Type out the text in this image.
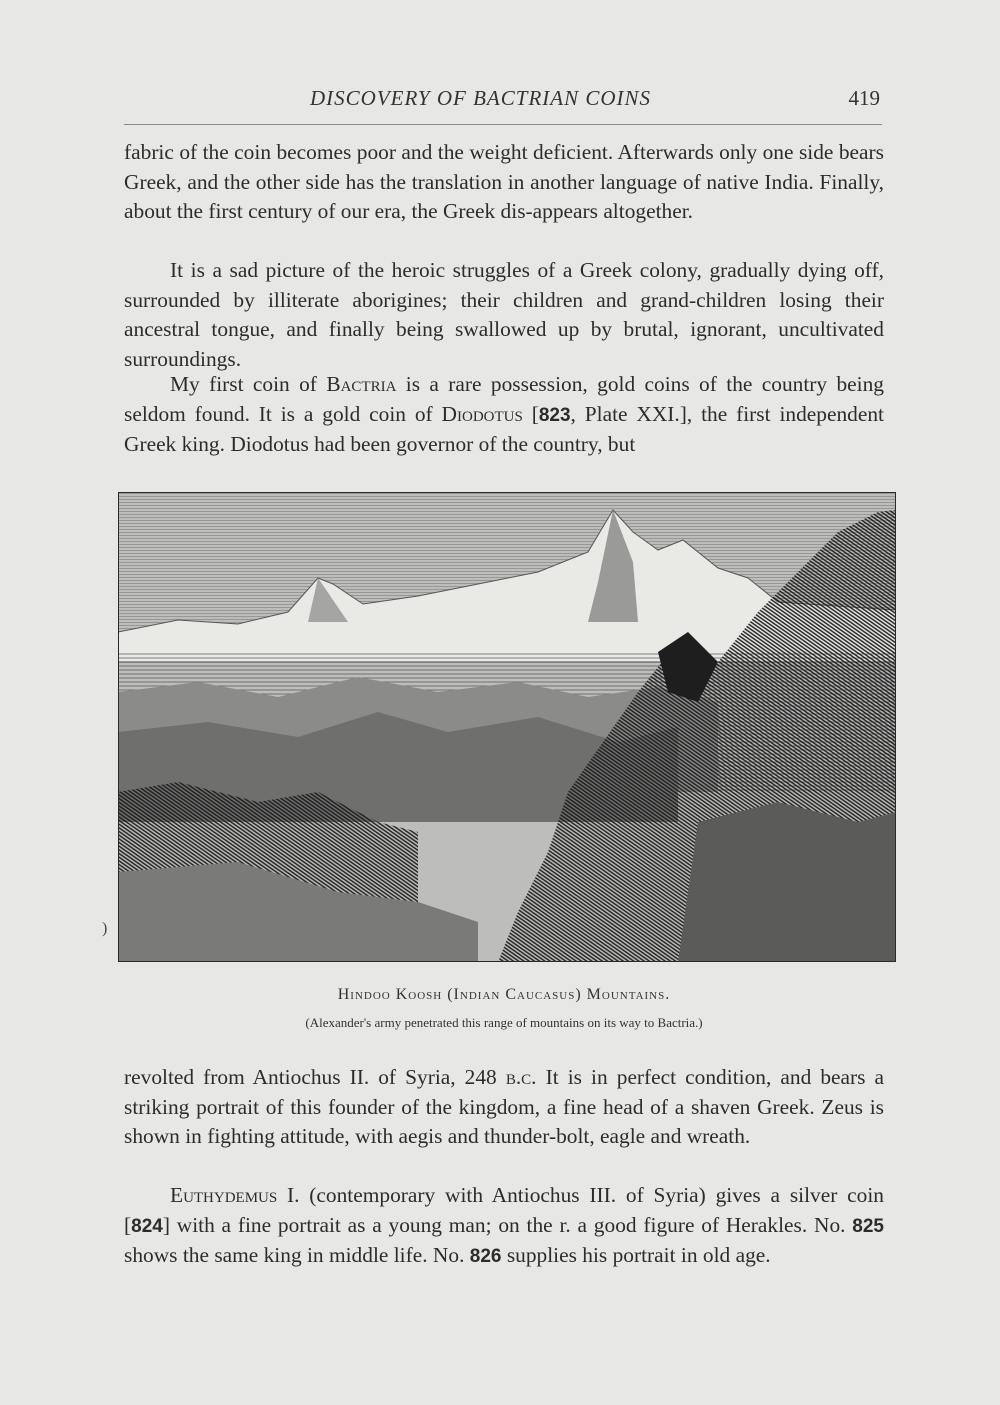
DISCOVERY OF BACTRIAN COINS	419
fabric of the coin becomes poor and the weight deficient. Afterwards only one side bears Greek, and the other side has the translation in another language of native India. Finally, about the first century of our era, the Greek dis-appears altogether.
It is a sad picture of the heroic struggles of a Greek colony, gradually dying off, surrounded by illiterate aborigines; their children and grand-children losing their ancestral tongue, and finally being swallowed up by brutal, ignorant, uncultivated surroundings.
My first coin of Bactria is a rare possession, gold coins of the country being seldom found. It is a gold coin of Diodotus [823, Plate XXI.], the first independent Greek king. Diodotus had been governor of the country, but
)
Hindoo Koosh (Indian Caucasus) Mountains.
(Alexander's army penetrated this range of mountains on its way to Bactria.)
revolted from Antiochus II. of Syria, 248 b.c. It is in perfect condition, and bears a striking portrait of this founder of the kingdom, a fine head of a shaven Greek. Zeus is shown in fighting attitude, with aegis and thunder-bolt, eagle and wreath.
Euthydemus I. (contemporary with Antiochus III. of Syria) gives a silver coin [824] with a fine portrait as a young man; on the r. a good figure of Herakles. No. 825 shows the same king in middle life. No. 826 supplies his portrait in old age.
